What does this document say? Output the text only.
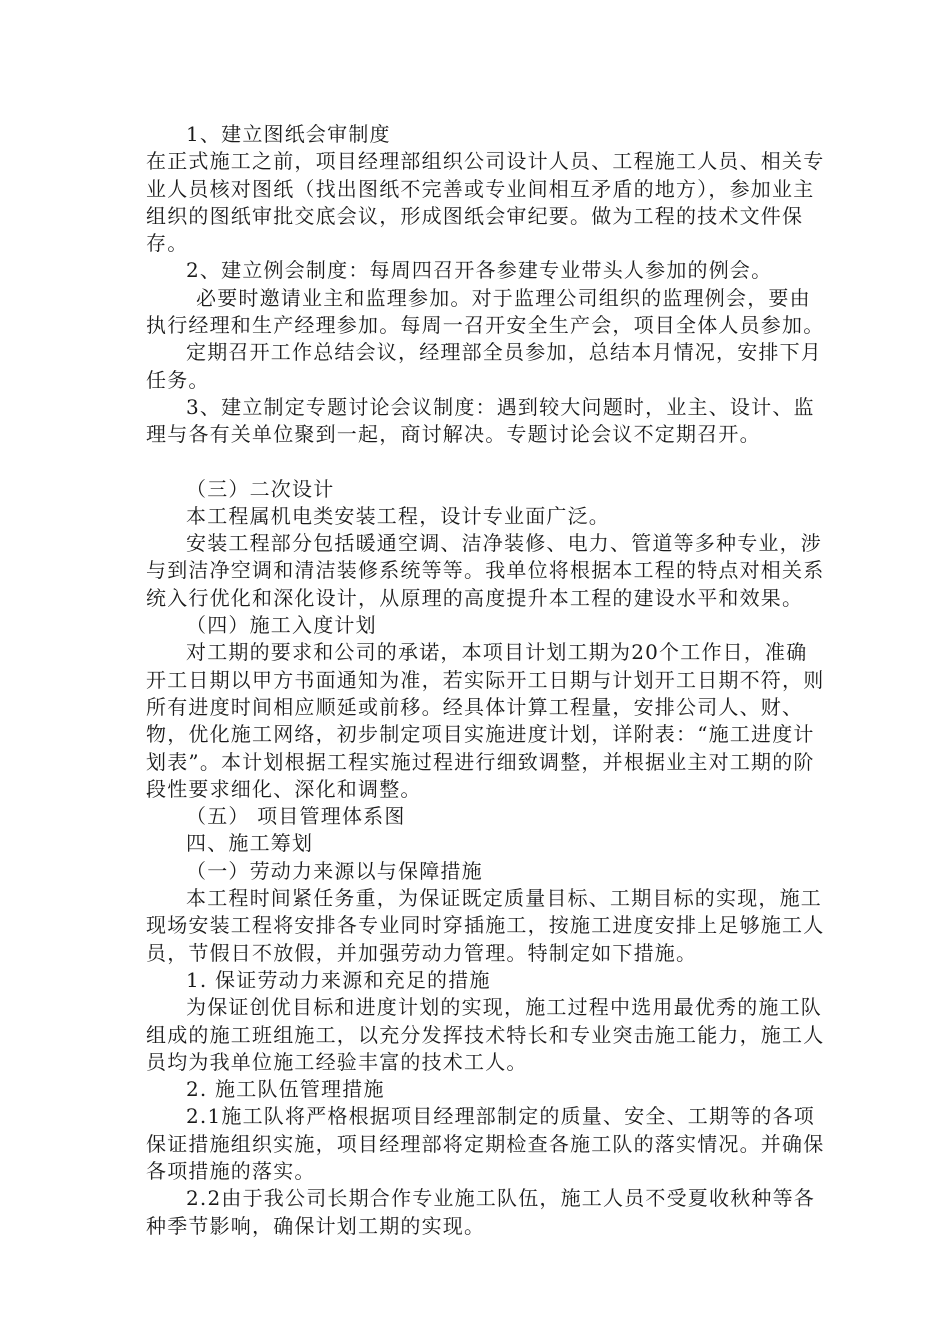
1、建立图纸会审制度

在正式施工之前，项目经理部组织公司设计人员、工程施工人员、相关专业人员核对图纸（找出图纸不完善或专业间相互矛盾的地方），参加业主组织的图纸审批交底会议，形成图纸会审纪要。做为工程的技术文件保存。

2、建立例会制度：每周四召开各参建专业带头人参加的例会。

必要时邀请业主和监理参加。对于监理公司组织的监理例会，要由执行经理和生产经理参加。每周一召开安全生产会，项目全体人员参加。

定期召开工作总结会议，经理部全员参加，总结本月情况，安排下月任务。

3、建立制定专题讨论会议制度：遇到较大问题时，业主、设计、监理与各有关单位聚到一起，商讨解决。专题讨论会议不定期召开。

（三）二次设计

本工程属机电类安装工程，设计专业面广泛。

安装工程部分包括暖通空调、洁净装修、电力、管道等多种专业，涉与到洁净空调和清洁装修系统等等。我单位将根据本工程的特点对相关系统入行优化和深化设计，从原理的高度提升本工程的建设水平和效果。

（四）施工入度计划

对工期的要求和公司的承诺，本项目计划工期为20个工作日，准确开工日期以甲方书面通知为准，若实际开工日期与计划开工日期不符，则所有进度时间相应顺延或前移。经具体计算工程量，安排公司人、财、物，优化施工网络，初步制定项目实施进度计划，详附表：“施工进度计划表”。本计划根据工程实施过程进行细致调整，并根据业主对工期的阶段性要求细化、深化和调整。

（五） 项目管理体系图

四、施工筹划

（一）劳动力来源以与保障措施

本工程时间紧任务重，为保证既定质量目标、工期目标的实现，施工现场安装工程将安排各专业同时穿插施工，按施工进度安排上足够施工人员，节假日不放假，并加强劳动力管理。特制定如下措施。

1. 保证劳动力来源和充足的措施

为保证创优目标和进度计划的实现，施工过程中选用最优秀的施工队组成的施工班组施工，以充分发挥技术特长和专业突击施工能力，施工人员均为我单位施工经验丰富的技术工人。

2. 施工队伍管理措施

2.1施工队将严格根据项目经理部制定的质量、安全、工期等的各项保证措施组织实施，项目经理部将定期检查各施工队的落实情况。并确保各项措施的落实。

2.2由于我公司长期合作专业施工队伍，施工人员不受夏收秋种等各种季节影响，确保计划工期的实现。
